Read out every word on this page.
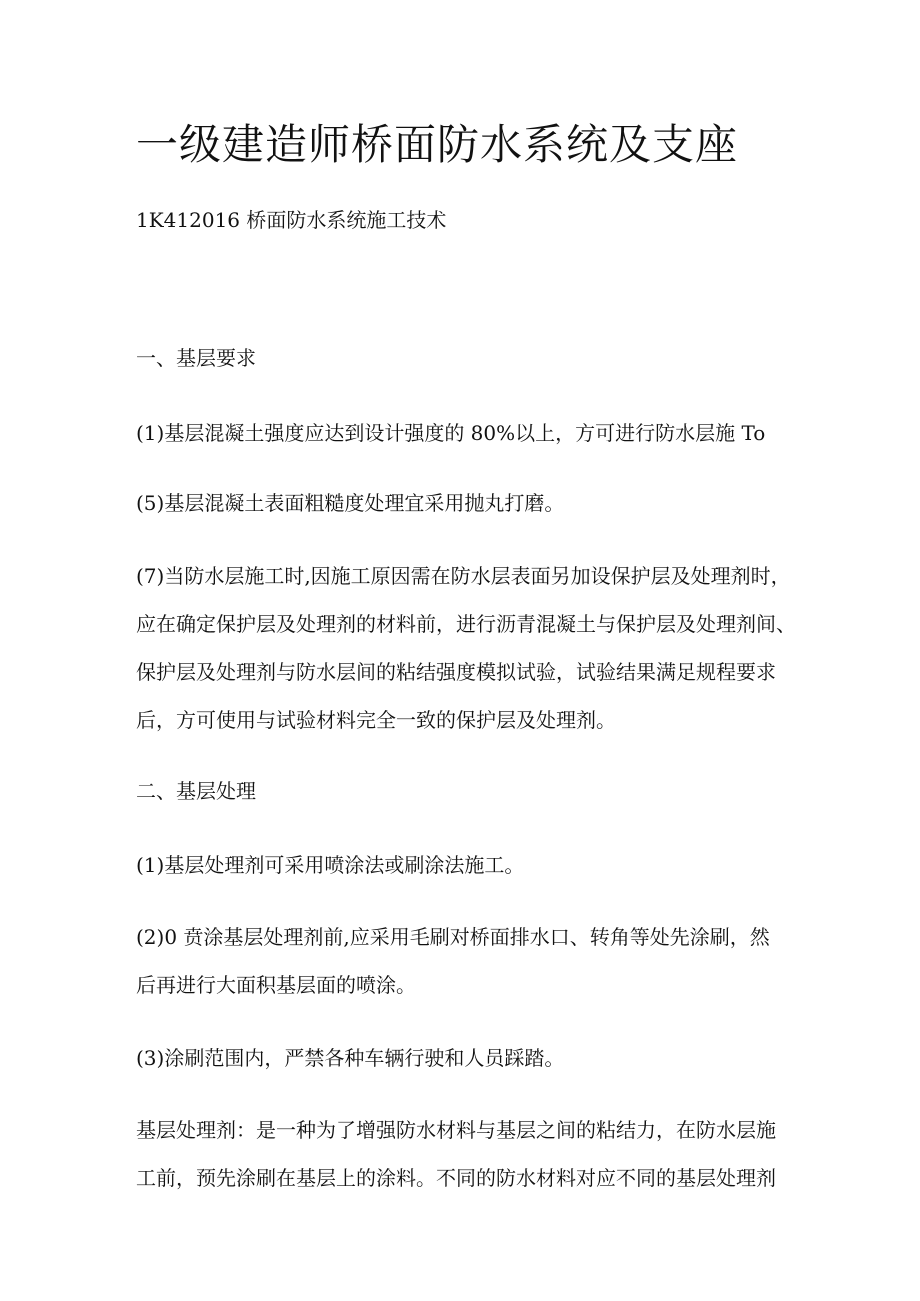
一级建造师桥面防水系统及支座

1K412016 桥面防水系统施工技术

一、基层要求

(1)基层混凝土强度应达到设计强度的 80%以上，方可进行防水层施 To

(5)基层混凝土表面粗糙度处理宜采用抛丸打磨。

(7)当防水层施工时,因施工原因需在防水层表面另加设保护层及处理剂时，

应在确定保护层及处理剂的材料前，进行沥青混凝土与保护层及处理剂间、

保护层及处理剂与防水层间的粘结强度模拟试验，试验结果满足规程要求

后，方可使用与试验材料完全一致的保护层及处理剂。

二、基层处理

(1)基层处理剂可采用喷涂法或刷涂法施工。

(2)0 贲涂基层处理剂前,应采用毛刷对桥面排水口、转角等处先涂刷，然

后再进行大面积基层面的喷涂。

(3)涂刷范围内，严禁各种车辆行驶和人员踩踏。

基层处理剂：是一种为了增强防水材料与基层之间的粘结力，在防水层施

工前，预先涂刷在基层上的涂料。不同的防水材料对应不同的基层处理剂
